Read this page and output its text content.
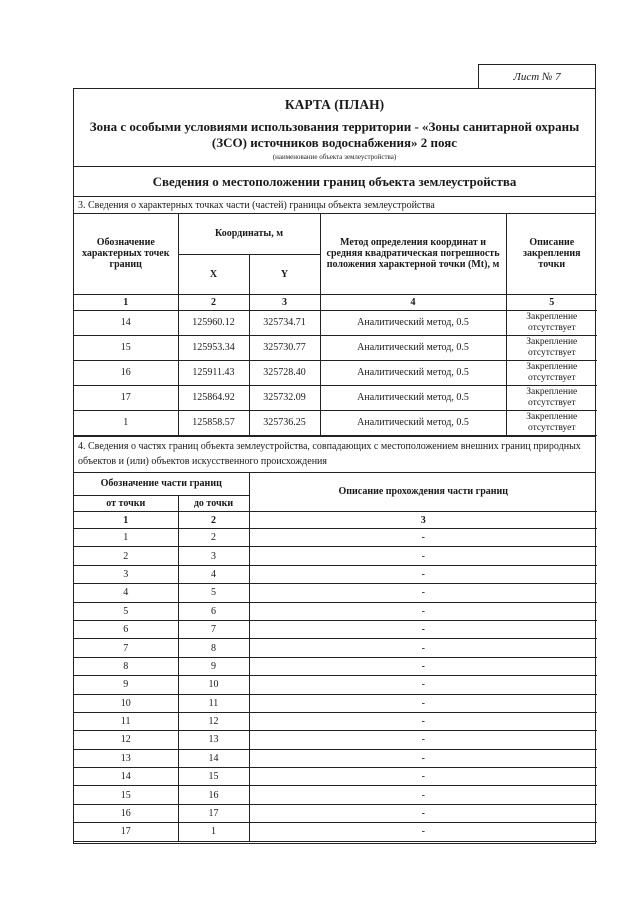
Лист № 7
КАРТА (ПЛАН)
Зона с особыми условиями использования территории - «Зоны санитарной охраны (ЗСО) источников водоснабжения» 2 пояс
(наименование объекта землеустройства)
Сведения о местоположении границ объекта землеустройства
3. Сведения о характерных точках части (частей) границы объекта землеустройства
Обозначение характерных точек границ	Координаты, м		Метод определения координат и средняя квадратическая погрешность положения характерной точки (Mt), м	Описание закрепления точки
	X	Y		
1	2	3	4	5
14	125960.12	325734.71	Аналитический метод, 0.5	Закрепление отсутствует
15	125953.34	325730.77	Аналитический метод, 0.5	Закрепление отсутствует
16	125911.43	325728.40	Аналитический метод, 0.5	Закрепление отсутствует
17	125864.92	325732.09	Аналитический метод, 0.5	Закрепление отсутствует
1	125858.57	325736.25	Аналитический метод, 0.5	Закрепление отсутствует
4. Сведения о частях границ объекта землеустройства, совпадающих с местоположением внешних границ природных объектов и (или) объектов искусственного происхождения
Обозначение части границ		Описание прохождения части границ
от точки	до точки	
1	2	3
1	2	-
2	3	-
3	4	-
4	5	-
5	6	-
6	7	-
7	8	-
8	9	-
9	10	-
10	11	-
11	12	-
12	13	-
13	14	-
14	15	-
15	16	-
16	17	-
17	1	-
